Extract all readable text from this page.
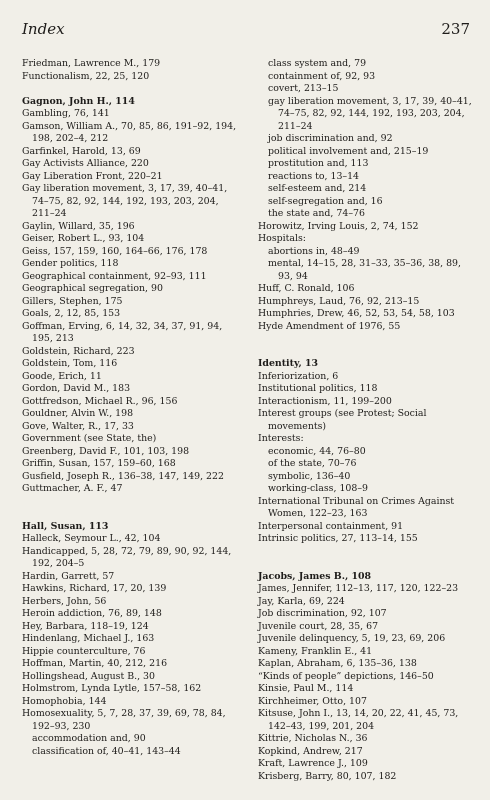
Index	237
Friedman, Lawrence M., 179
Functionalism, 22, 25, 120
Gagnon, John H., 114
Gambling, 76, 141
Gamson, William A., 70, 85, 86, 191–92, 194, 198, 202–4, 212
Garfinkel, Harold, 13, 69
Gay Activists Alliance, 220
Gay Liberation Front, 220–21
Gay liberation movement, 3, 17, 39, 40–41, 74–75, 82, 92, 144, 192, 193, 203, 204, 211–24
Gaylin, Willard, 35, 196
Geiser, Robert L., 93, 104
Geiss, 157, 159, 160, 164–66, 176, 178
Gender politics, 118
Geographical containment, 92–93, 111
Geographical segregation, 90
Gillers, Stephen, 175
Goals, 2, 12, 85, 153
Goffman, Erving, 6, 14, 32, 34, 37, 91, 94, 195, 213
Goldstein, Richard, 223
Goldstein, Tom, 116
Goode, Erich, 11
Gordon, David M., 183
Gottfredson, Michael R., 96, 156
Gouldner, Alvin W., 198
Gove, Walter, R., 17, 33
Government (see State, the)
Greenberg, David F., 101, 103, 198
Griffin, Susan, 157, 159–60, 168
Gusfield, Joseph R., 136–38, 147, 149, 222
Guttmacher, A. F., 47
Hall, Susan, 113
Halleck, Seymour L., 42, 104
Handicapped, 5, 28, 72, 79, 89, 90, 92, 144, 192, 204–5
Hardin, Garrett, 57
Hawkins, Richard, 17, 20, 139
Herbers, John, 56
Heroin addiction, 76, 89, 148
Hey, Barbara, 118–19, 124
Hindenlang, Michael J., 163
Hippie counterculture, 76
Hoffman, Martin, 40, 212, 216
Hollingshead, August B., 30
Holmstrom, Lynda Lytle, 157–58, 162
Homophobia, 144
Homosexuality, 5, 7, 28, 37, 39, 69, 78, 84, 192–93, 230
accommodation and, 90
classification of, 40–41, 143–44
class system and, 79
containment of, 92, 93
covert, 213–15
gay liberation movement, 3, 17, 39, 40–41, 74–75, 82, 92, 144, 192, 193, 203, 204, 211–24
job discrimination and, 92
political involvement and, 215–19
prostitution and, 113
reactions to, 13–14
self-esteem and, 214
self-segregation and, 16
the state and, 74–76
Horowitz, Irving Louis, 2, 74, 152
Hospitals:
abortions in, 48–49
mental, 14–15, 28, 31–33, 35–36, 38, 89, 93, 94
Huff, C. Ronald, 106
Humphreys, Laud, 76, 92, 213–15
Humphries, Drew, 46, 52, 53, 54, 58, 103
Hyde Amendment of 1976, 55
Identity, 13
Inferiorization, 6
Institutional politics, 118
Interactionism, 11, 199–200
Interest groups (see Protest; Social movements)
Interests:
economic, 44, 76–80
of the state, 70–76
symbolic, 136–40
working-class, 108–9
International Tribunal on Crimes Against Women, 122–23, 163
Interpersonal containment, 91
Intrinsic politics, 27, 113–14, 155
Jacobs, James B., 108
James, Jennifer, 112–13, 117, 120, 122–23
Jay, Karla, 69, 224
Job discrimination, 92, 107
Juvenile court, 28, 35, 67
Juvenile delinquency, 5, 19, 23, 69, 206
Kameny, Franklin E., 41
Kaplan, Abraham, 6, 135–36, 138
“Kinds of people” depictions, 146–50
Kinsie, Paul M., 114
Kirchheimer, Otto, 107
Kitsuse, John I., 13, 14, 20, 22, 41, 45, 73, 142–43, 199, 201, 204
Kittrie, Nicholas N., 36
Kopkind, Andrew, 217
Kraft, Lawrence J., 109
Krisberg, Barry, 80, 107, 182
